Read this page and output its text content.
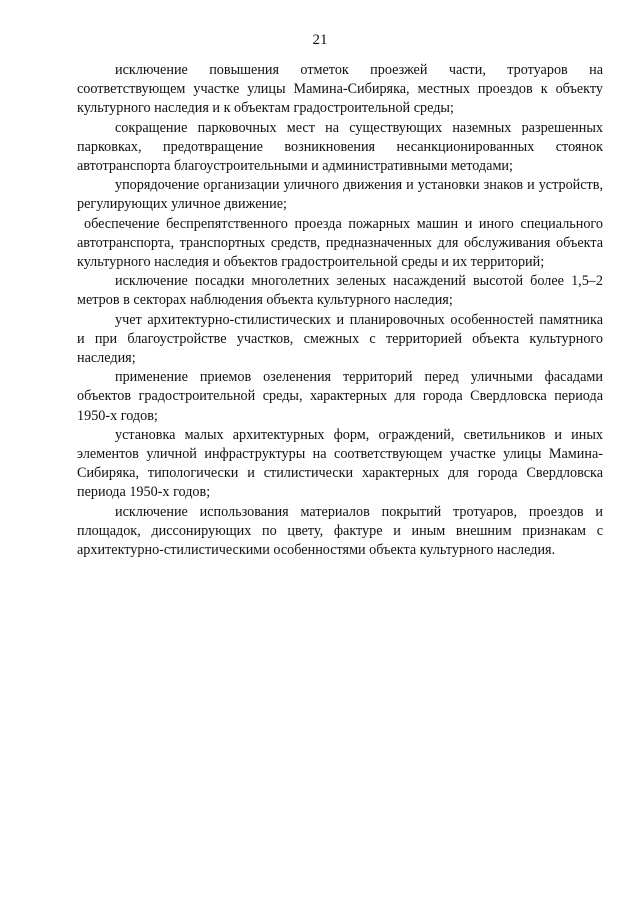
21

исключение повышения отметок проезжей части, тротуаров на соответствующем участке улицы Мамина-Сибиряка, местных проездов к объекту культурного наследия и к объектам градостроительной среды;

сокращение парковочных мест на существующих наземных разрешенных парковках, предотвращение возникновения несанкционированных стоянок автотранспорта благоустроительными и административными методами;

упорядочение организации уличного движения и установки знаков и устройств, регулирующих уличное движение;

обеспечение беспрепятственного проезда пожарных машин и иного специального автотранспорта, транспортных средств, предназначенных для обслуживания объекта культурного наследия и объектов градостроительной среды и их территорий;

исключение посадки многолетних зеленых насаждений высотой более 1,5–2 метров в секторах наблюдения объекта культурного наследия;

учет архитектурно-стилистических и планировочных особенностей памятника и при благоустройстве участков, смежных с территорией объекта культурного наследия;

применение приемов озеленения территорий перед уличными фасадами объектов градостроительной среды, характерных для города Свердловска периода 1950-х годов;

установка малых архитектурных форм, ограждений, светильников и иных элементов уличной инфраструктуры на соответствующем участке улицы Мамина-Сибиряка, типологически и стилистически характерных для города Свердловска периода 1950-х годов;

исключение использования материалов покрытий тротуаров, проездов и площадок, диссонирующих по цвету, фактуре и иным внешним признакам с архитектурно-стилистическими особенностями объекта культурного наследия.
